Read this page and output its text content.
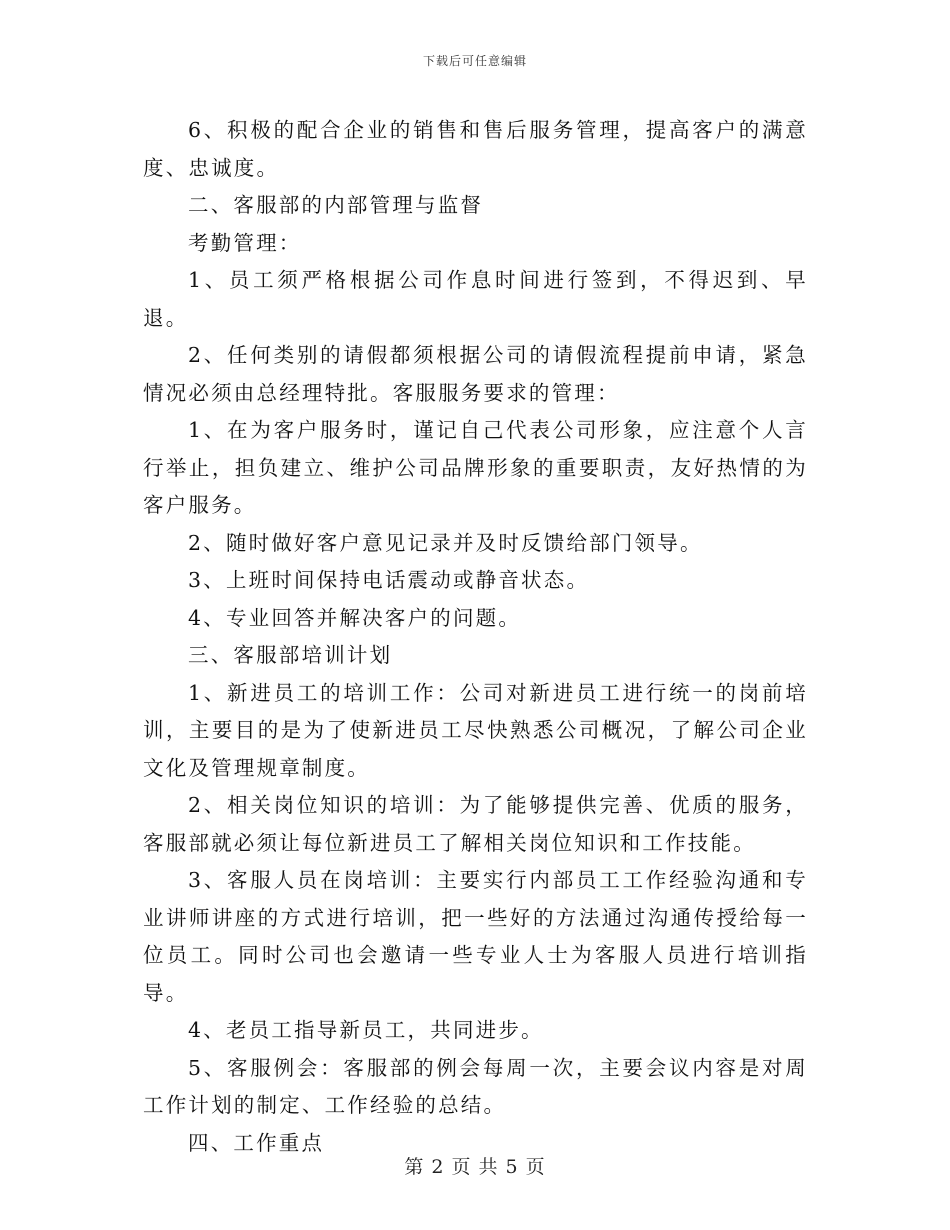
下载后可任意编辑

6、积极的配合企业的销售和售后服务管理，提高客户的满意度、忠诚度。

二、客服部的内部管理与监督

考勤管理：

1、员工须严格根据公司作息时间进行签到，不得迟到、早退。

2、任何类别的请假都须根据公司的请假流程提前申请，紧急情况必须由总经理特批。客服服务要求的管理：

1、在为客户服务时，谨记自己代表公司形象，应注意个人言行举止，担负建立、维护公司品牌形象的重要职责，友好热情的为客户服务。

2、随时做好客户意见记录并及时反馈给部门领导。

3、上班时间保持电话震动或静音状态。

4、专业回答并解决客户的问题。

三、客服部培训计划

1、新进员工的培训工作：公司对新进员工进行统一的岗前培训，主要目的是为了使新进员工尽快熟悉公司概况，了解公司企业文化及管理规章制度。

2、相关岗位知识的培训：为了能够提供完善、优质的服务，客服部就必须让每位新进员工了解相关岗位知识和工作技能。

3、客服人员在岗培训：主要实行内部员工工作经验沟通和专业讲师讲座的方式进行培训，把一些好的方法通过沟通传授给每一位员工。同时公司也会邀请一些专业人士为客服人员进行培训指导。

4、老员工指导新员工，共同进步。

5、客服例会：客服部的例会每周一次，主要会议内容是对周工作计划的制定、工作经验的总结。

四、工作重点

第 2 页 共 5 页
